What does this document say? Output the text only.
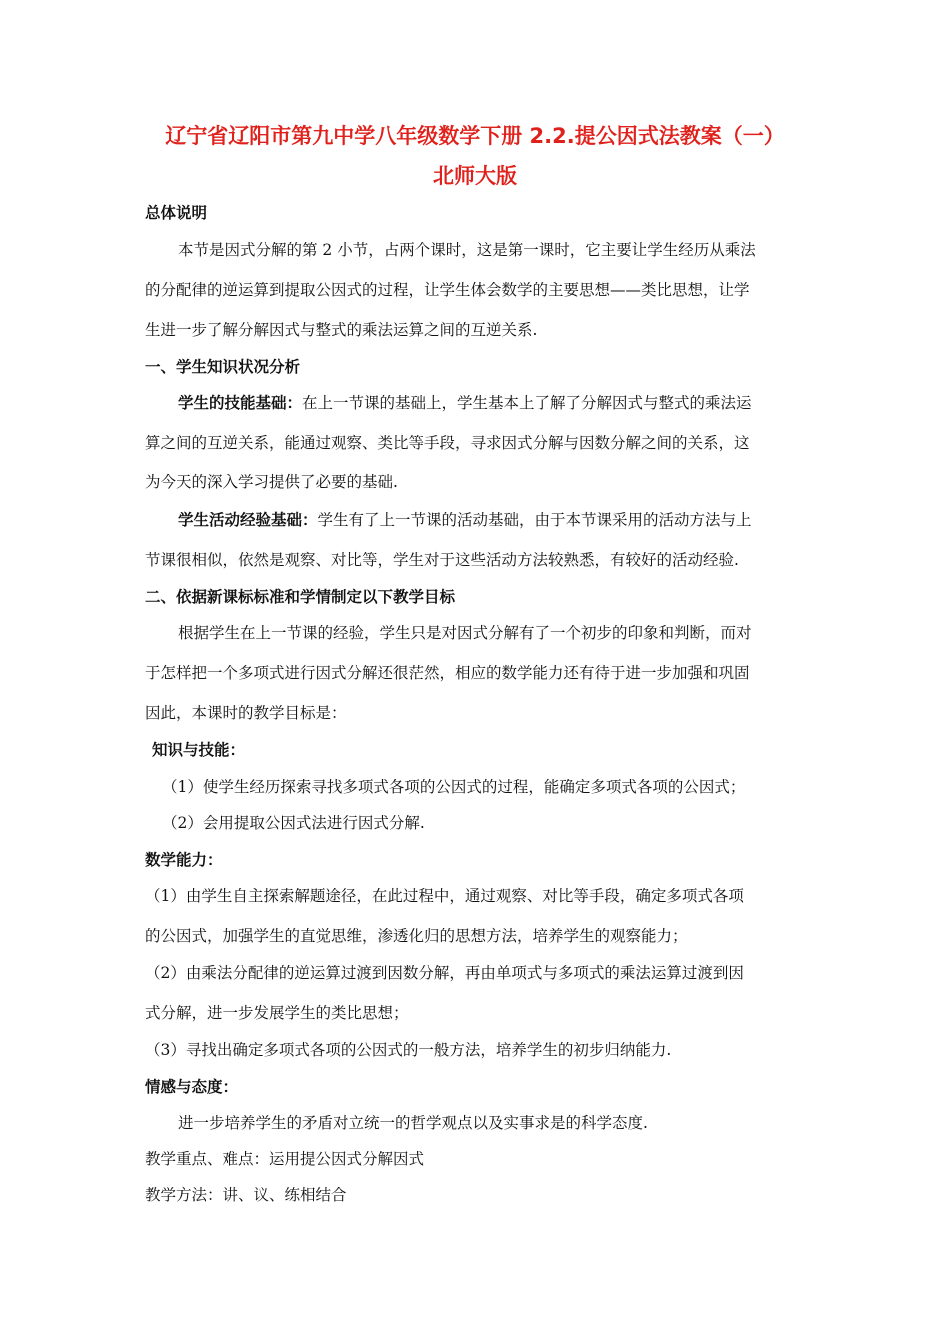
辽宁省辽阳市第九中学八年级数学下册 2.2.提公因式法教案（一）
北师大版
总体说明
本节是因式分解的第 2 小节，占两个课时，这是第一课时，它主要让学生经历从乘法
的分配律的逆运算到提取公因式的过程，让学生体会数学的主要思想——类比思想，让学
生进一步了解分解因式与整式的乘法运算之间的互逆关系.
一、学生知识状况分析
学生的技能基础：在上一节课的基础上，学生基本上了解了分解因式与整式的乘法运
算之间的互逆关系，能通过观察、类比等手段，寻求因式分解与因数分解之间的关系，这
为今天的深入学习提供了必要的基础.
学生活动经验基础：学生有了上一节课的活动基础，由于本节课采用的活动方法与上
节课很相似，依然是观察、对比等，学生对于这些活动方法较熟悉，有较好的活动经验.
二、依据新课标标准和学情制定以下教学目标
根据学生在上一节课的经验，学生只是对因式分解有了一个初步的印象和判断，而对
于怎样把一个多项式进行因式分解还很茫然，相应的数学能力还有待于进一步加强和巩固
因此，本课时的教学目标是：
知识与技能：
（1）使学生经历探索寻找多项式各项的公因式的过程，能确定多项式各项的公因式；
（2）会用提取公因式法进行因式分解.
数学能力：
（1）由学生自主探索解题途径，在此过程中，通过观察、对比等手段，确定多项式各项
的公因式，加强学生的直觉思维，渗透化归的思想方法，培养学生的观察能力；
（2）由乘法分配律的逆运算过渡到因数分解，再由单项式与多项式的乘法运算过渡到因
式分解，进一步发展学生的类比思想；
（3）寻找出确定多项式各项的公因式的一般方法，培养学生的初步归纳能力.
情感与态度：
进一步培养学生的矛盾对立统一的哲学观点以及实事求是的科学态度.
教学重点、难点：运用提公因式分解因式
教学方法：讲、议、练相结合
